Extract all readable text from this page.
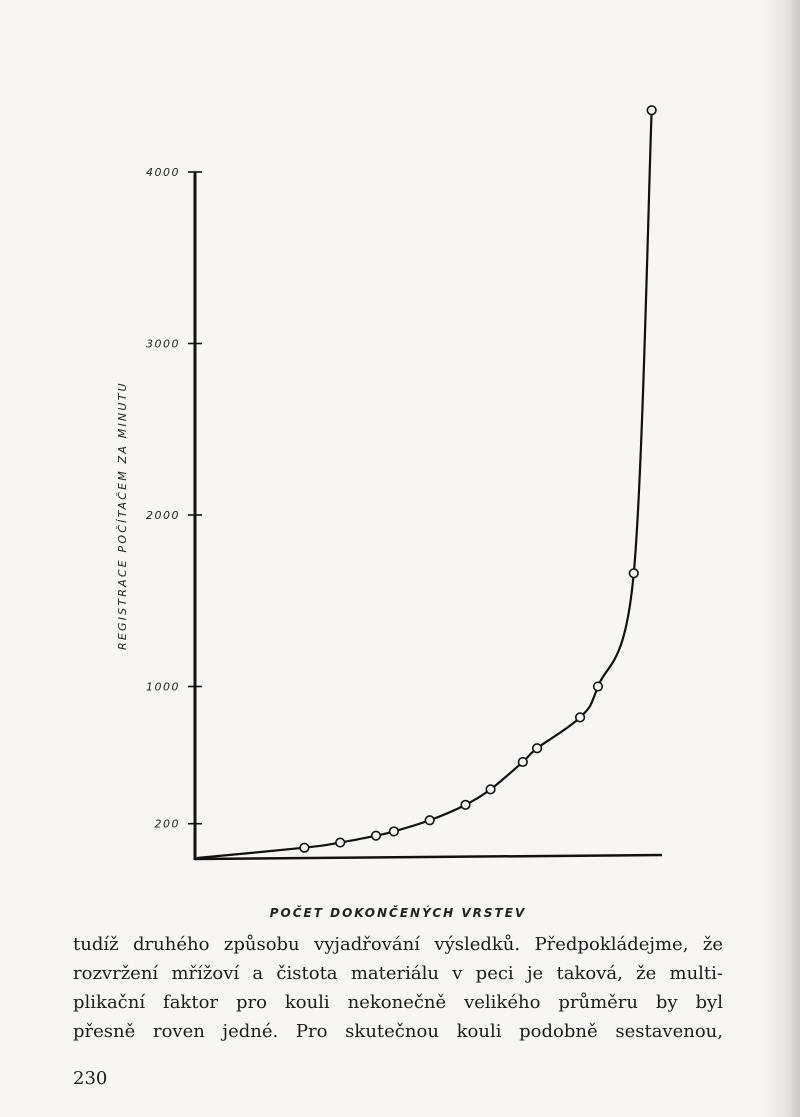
200
1000
2000
3000
4000
REGISTRACE POČÍTAČEM ZA MINUTU
POČET DOKONČENÝCH VRSTEV
tudíž druhého způsobu vyjadřování výsledků. Předpokládejme, že
rozvržení mřížoví a čistota materiálu v peci je taková, že multi-
plikační faktor pro kouli nekonečně velikého průměru by byl
přesně roven jedné. Pro skutečnou kouli podobně sestavenou,
230
